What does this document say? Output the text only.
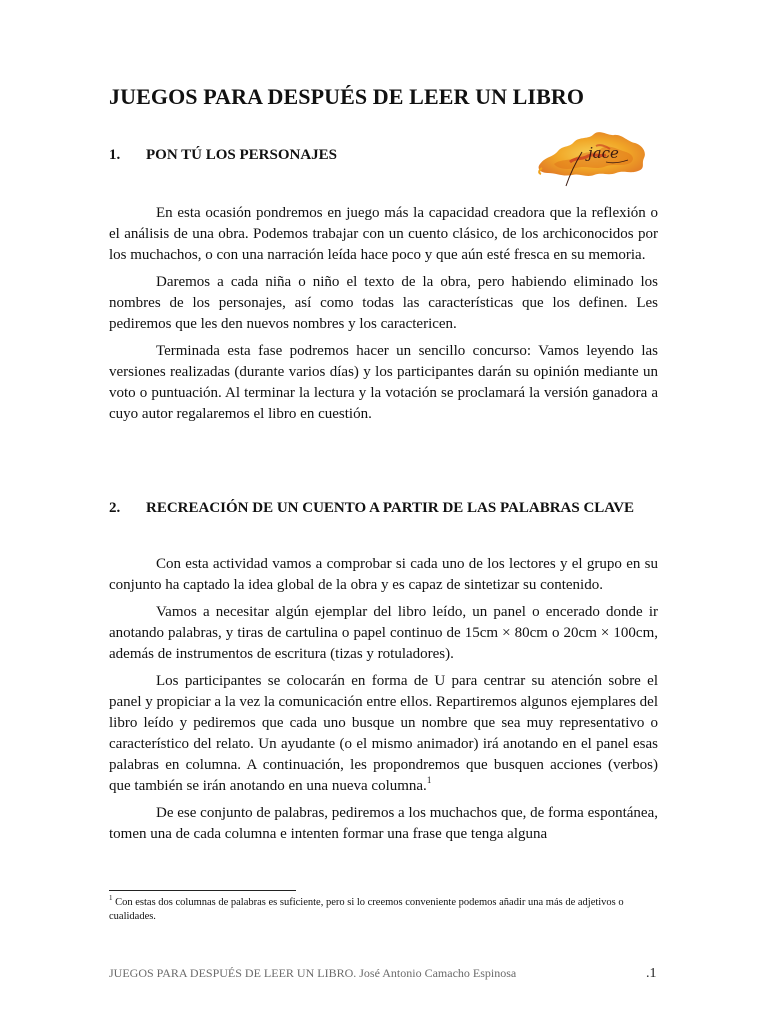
JUEGOS PARA DESPUÉS DE LEER UN LIBRO
1. PON TÚ LOS PERSONAJES	jace

En esta ocasión pondremos en juego más la capacidad creadora que la reflexión o el análisis de una obra. Podemos trabajar con un cuento clásico, de los archiconocidos por los muchachos, o con una narración leída hace poco y que aún esté fresca en su memoria.

Daremos a cada niña o niño el texto de la obra, pero habiendo eliminado los nombres de los personajes, así como todas las características que los definen. Les pediremos que les den nuevos nombres y los caractericen.

Terminada esta fase podremos hacer un sencillo concurso: Vamos leyendo las versiones realizadas (durante varios días) y los participantes darán su opinión mediante un voto o puntuación. Al terminar la lectura y la votación se proclamará la versión ganadora a cuyo autor regalaremos el libro en cuestión.

2. RECREACIÓN DE UN CUENTO A PARTIR DE LAS PALABRAS CLAVE

Con esta actividad vamos a comprobar si cada uno de los lectores y el grupo en su conjunto ha captado la idea global de la obra y es capaz de sintetizar su contenido.

Vamos a necesitar algún ejemplar del libro leído, un panel o encerado donde ir anotando palabras, y tiras de cartulina o papel continuo de 15cm × 80cm o 20cm × 100cm, además de instrumentos de escritura (tizas y rotuladores).

Los participantes se colocarán en forma de U para centrar su atención sobre el panel y propiciar a la vez la comunicación entre ellos. Repartiremos algunos ejemplares del libro leído y pediremos que cada uno busque un nombre que sea muy representativo o característico del relato. Un ayudante (o el mismo animador) irá anotando en el panel esas palabras en columna. A continuación, les propondremos que busquen acciones (verbos) que también se irán anotando en una nueva columna.$^1$

De ese conjunto de palabras, pediremos a los muchachos que, de forma espontánea, tomen una de cada columna e intenten formar una frase que tenga alguna

$^1$ Con estas dos columnas de palabras es suficiente, pero si lo creemos conveniente podemos añadir una más de adjetivos o cualidades.

JUEGOS PARA DESPUÉS DE LEER UN LIBRO. José Antonio Camacho Espinosa	.1
